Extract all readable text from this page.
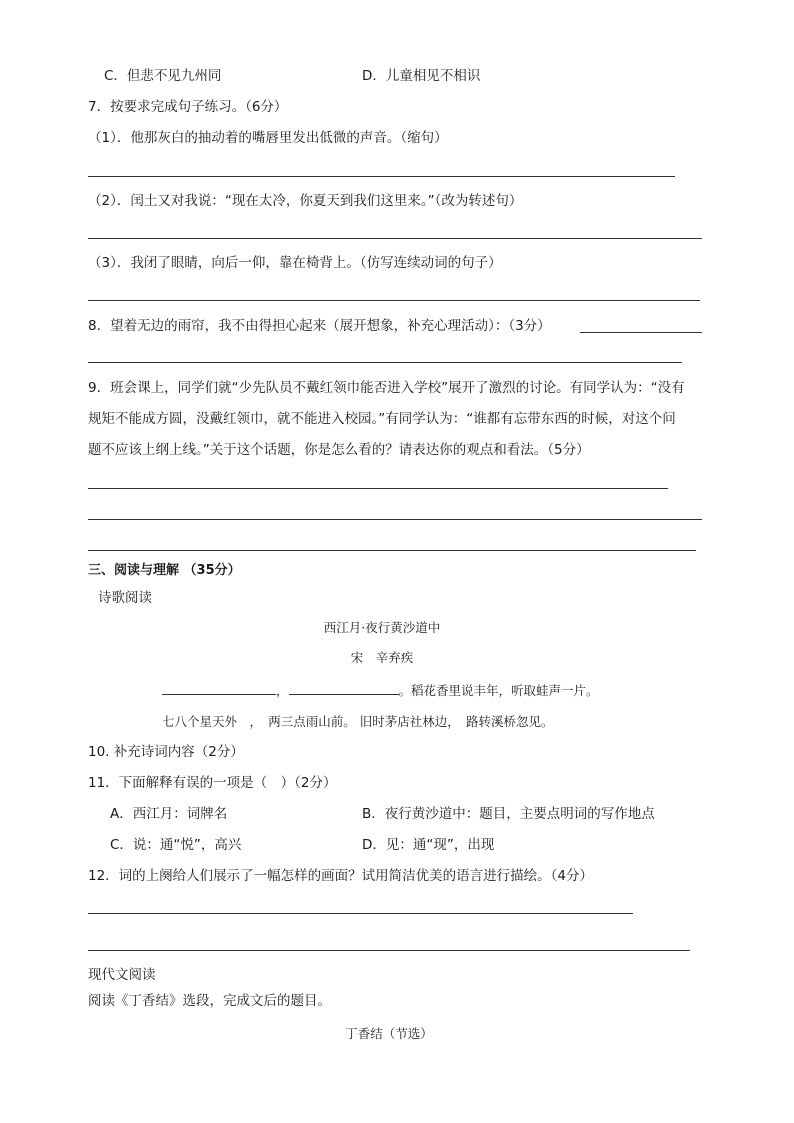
C．但悲不见九州同	D．儿童相见不相识
7．按要求完成句子练习。（6分）
（1）．他那灰白的抽动着的嘴唇里发出低微的声音。（缩句）
（2）．闰土又对我说：“现在太冷，你夏天到我们这里来。”（改为转述句）
（3）．我闭了眼睛，向后一仰，靠在椅背上。（仿写连续动词的句子）
8．望着无边的雨帘，我不由得担心起来（展开想象，补充心理活动）：（3分）
9．班会课上，同学们就“少先队员不戴红领巾能否进入学校”展开了激烈的讨论。有同学认为：“没有
规矩不能成方圆，没戴红领巾，就不能进入校园。”有同学认为：“谁都有忘带东西的时候，对这个问
题不应该上纲上线。”关于这个话题，你是怎么看的？请表达你的观点和看法。（5分）
三、阅读与理解 （35分）
诗歌阅读
西江月·夜行黄沙道中
宋　辛弃疾
，	。稻花香里说丰年，听取蛙声一片。
七八个星天外　，　两三点雨山前。 旧时茅店社林边，　路转溪桥忽见。
10. 补充诗词内容（2分）
11．下面解释有误的一项是（　）（2分）
A．西江月：词牌名	B．夜行黄沙道中：题目，主要点明词的写作地点
C．说：通“悦”，高兴	D．见：通“现”，出现
12．词的上阕给人们展示了一幅怎样的画面？试用简洁优美的语言进行描绘。（4分）
现代文阅读
阅读《丁香结》选段，完成文后的题目。
丁香结（节选）
